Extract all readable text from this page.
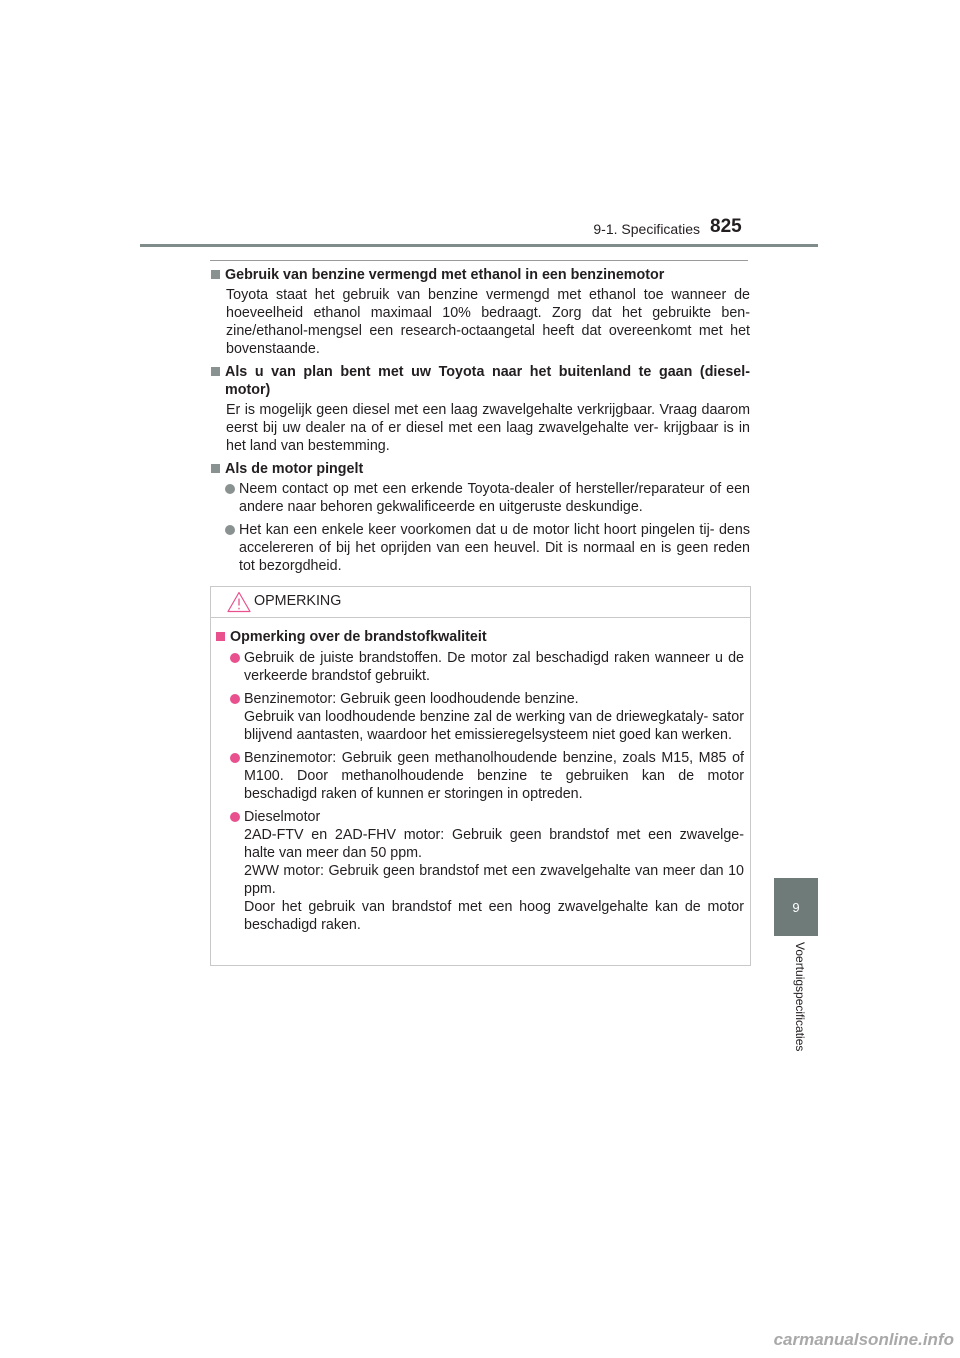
9-1. Specificaties 825
Gebruik van benzine vermengd met ethanol in een benzinemotor
Toyota staat het gebruik van benzine vermengd met ethanol toe wanneer de hoeveelheid ethanol maximaal 10% bedraagt. Zorg dat het gebruikte ben- zine/ethanol-mengsel een research-octaangetal heeft dat overeenkomt met het bovenstaande.
Als u van plan bent met uw Toyota naar het buitenland te gaan (diesel- motor)
Er is mogelijk geen diesel met een laag zwavelgehalte verkrijgbaar. Vraag daarom eerst bij uw dealer na of er diesel met een laag zwavelgehalte ver- krijgbaar is in het land van bestemming.
Als de motor pingelt
Neem contact op met een erkende Toyota-dealer of hersteller/reparateur of een andere naar behoren gekwalificeerde en uitgeruste deskundige.
Het kan een enkele keer voorkomen dat u de motor licht hoort pingelen tij- dens accelereren of bij het oprijden van een heuvel. Dit is normaal en is geen reden tot bezorgdheid.
OPMERKING
Opmerking over de brandstofkwaliteit
Gebruik de juiste brandstoffen. De motor zal beschadigd raken wanneer u de verkeerde brandstof gebruikt.
Benzinemotor: Gebruik geen loodhoudende benzine.
Gebruik van loodhoudende benzine zal de werking van de driewegkataly- sator blijvend aantasten, waardoor het emissieregelsysteem niet goed kan werken.
Benzinemotor: Gebruik geen methanolhoudende benzine, zoals M15, M85 of M100. Door methanolhoudende benzine te gebruiken kan de motor beschadigd raken of kunnen er storingen in optreden.
Dieselmotor
2AD-FTV en 2AD-FHV motor: Gebruik geen brandstof met een zwavelge- halte van meer dan 50 ppm.
2WW motor: Gebruik geen brandstof met een zwavelgehalte van meer dan 10 ppm.
Door het gebruik van brandstof met een hoog zwavelgehalte kan de motor beschadigd raken.
9
Voertuigspecificaties
carmanualsonline.info
